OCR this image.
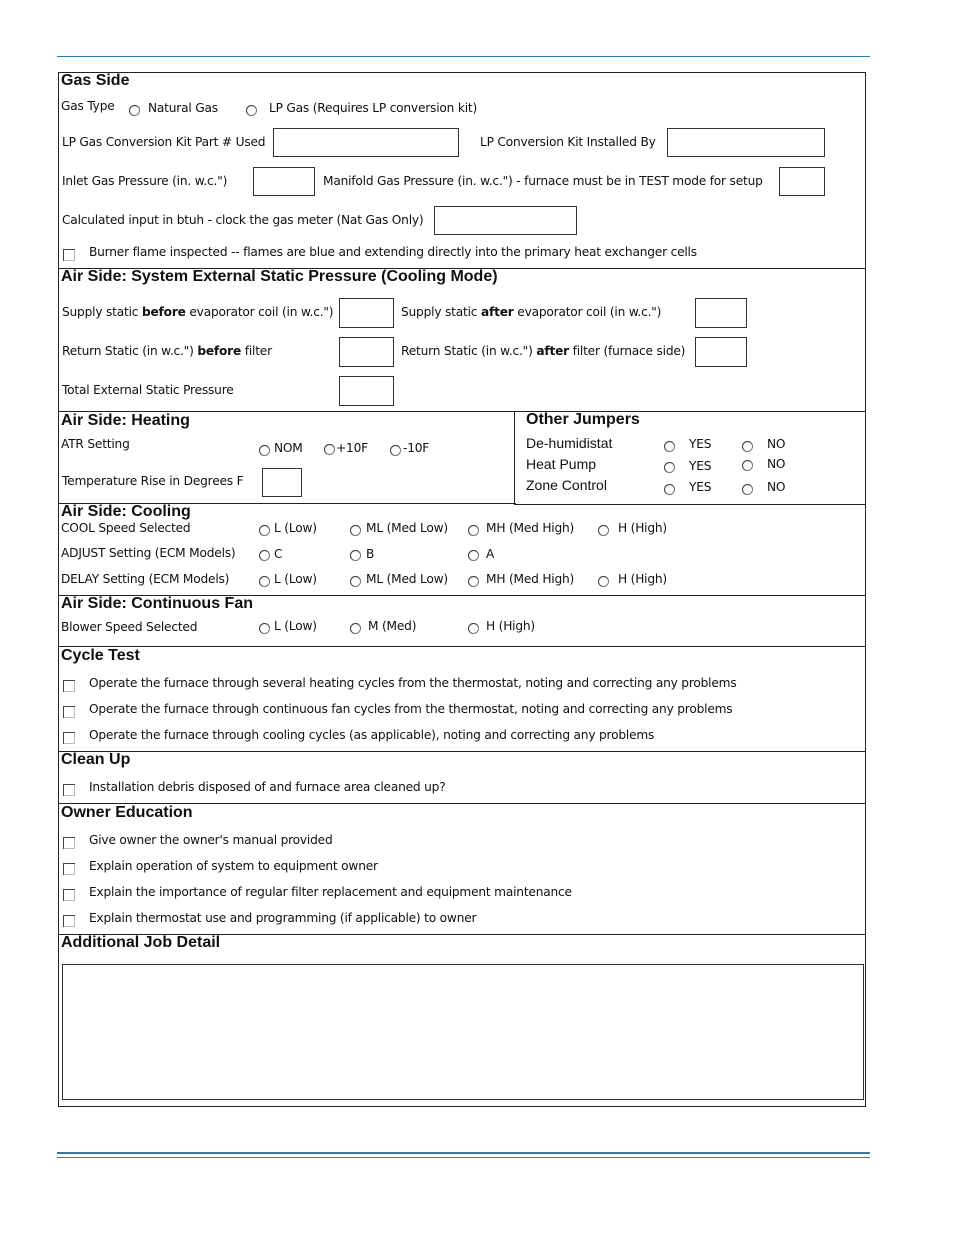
Gas Side
Gas Type	Natural Gas	LP Gas (Requires LP conversion kit)
LP Gas Conversion Kit Part # Used	LP Conversion Kit Installed By
Inlet Gas Pressure (in. w.c.")	Manifold Gas Pressure (in. w.c.") - furnace must be in TEST mode for setup
Calculated input in btuh - clock the gas meter (Nat Gas Only)
Burner flame inspected -- flames are blue and extending directly into the primary heat exchanger cells
Air Side: System External Static Pressure (Cooling Mode)
Supply static before evaporator coil (in w.c.")	Supply static after evaporator coil (in w.c.")
Return Static (in w.c.") before filter	Return Static (in w.c.") after filter (furnace side)
Total External Static Pressure
Air Side: Heating
ATR Setting	NOM	+10F	-10F
Temperature Rise in Degrees F
Other Jumpers
De-humidistat	YES	NO
Heat Pump	YES	NO
Zone Control	YES	NO
Air Side: Cooling
COOL Speed Selected	L (Low)	ML (Med Low)	MH (Med High)	H (High)
ADJUST Setting (ECM Models)	C	B	A
DELAY Setting (ECM Models)	L (Low)	ML (Med Low)	MH (Med High)	H (High)
Air Side: Continuous Fan
Blower Speed Selected	L (Low)	M (Med)	H (High)
Cycle Test
Operate the furnace through several heating cycles from the thermostat, noting and correcting any problems
Operate the furnace through continuous fan cycles from the thermostat, noting and correcting any problems
Operate the furnace through cooling cycles (as applicable), noting and correcting any problems
Clean Up
Installation debris disposed of and furnace area cleaned up?
Owner Education
Give owner the owner's manual provided
Explain operation of system to equipment owner
Explain the importance of regular filter replacement and equipment maintenance
Explain thermostat use and programming (if applicable) to owner
Additional Job Detail
